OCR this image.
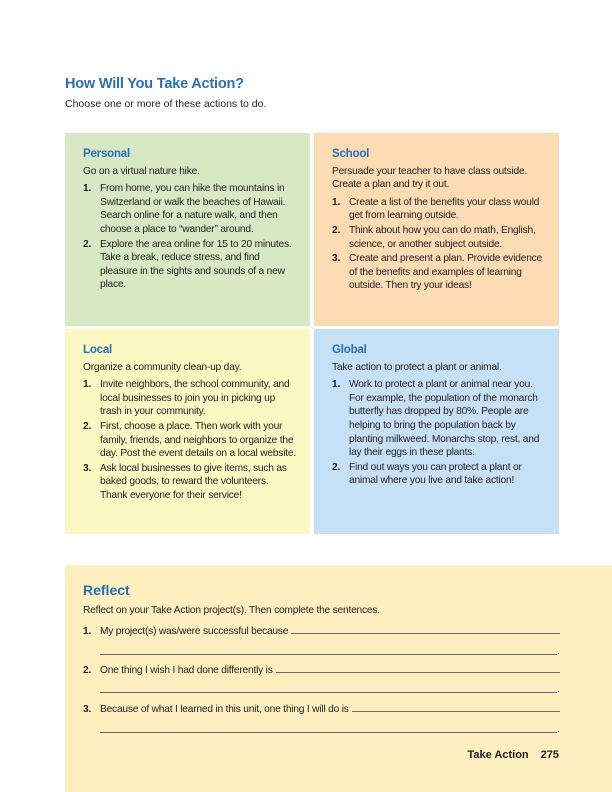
How Will You Take Action?
Choose one or more of these actions to do.
Personal

Go on a virtual nature hike.

1. From home, you can hike the mountains in Switzerland or walk the beaches of Hawaii. Search online for a nature walk, and then choose a place to “wander” around.
2. Explore the area online for 15 to 20 minutes. Take a break, reduce stress, and find pleasure in the sights and sounds of a new place.
School

Persuade your teacher to have class outside. Create a plan and try it out.

1. Create a list of the benefits your class would get from learning outside.
2. Think about how you can do math, English, science, or another subject outside.
3. Create and present a plan. Provide evidence of the benefits and examples of learning outside. Then try your ideas!
Local

Organize a community clean-up day.

1. Invite neighbors, the school community, and local businesses to join you in picking up trash in your community.
2. First, choose a place. Then work with your family, friends, and neighbors to organize the day. Post the event details on a local website.
3. Ask local businesses to give items, such as baked goods, to reward the volunteers. Thank everyone for their service!
Global

Take action to protect a plant or animal.

1. Work to protect a plant or animal near you. For example, the population of the monarch butterfly has dropped by 80%. People are helping to bring the population back by planting milkweed. Monarchs stop, rest, and lay their eggs in these plants.
2. Find out ways you can protect a plant or animal where you live and take action!
Reflect
Reflect on your Take Action project(s). Then complete the sentences.
1. My project(s) was/were successful because
.
2. One thing I wish I had done differently is
.
3. Because of what I learned in this unit, one thing I will do is
.
Take Action 275
